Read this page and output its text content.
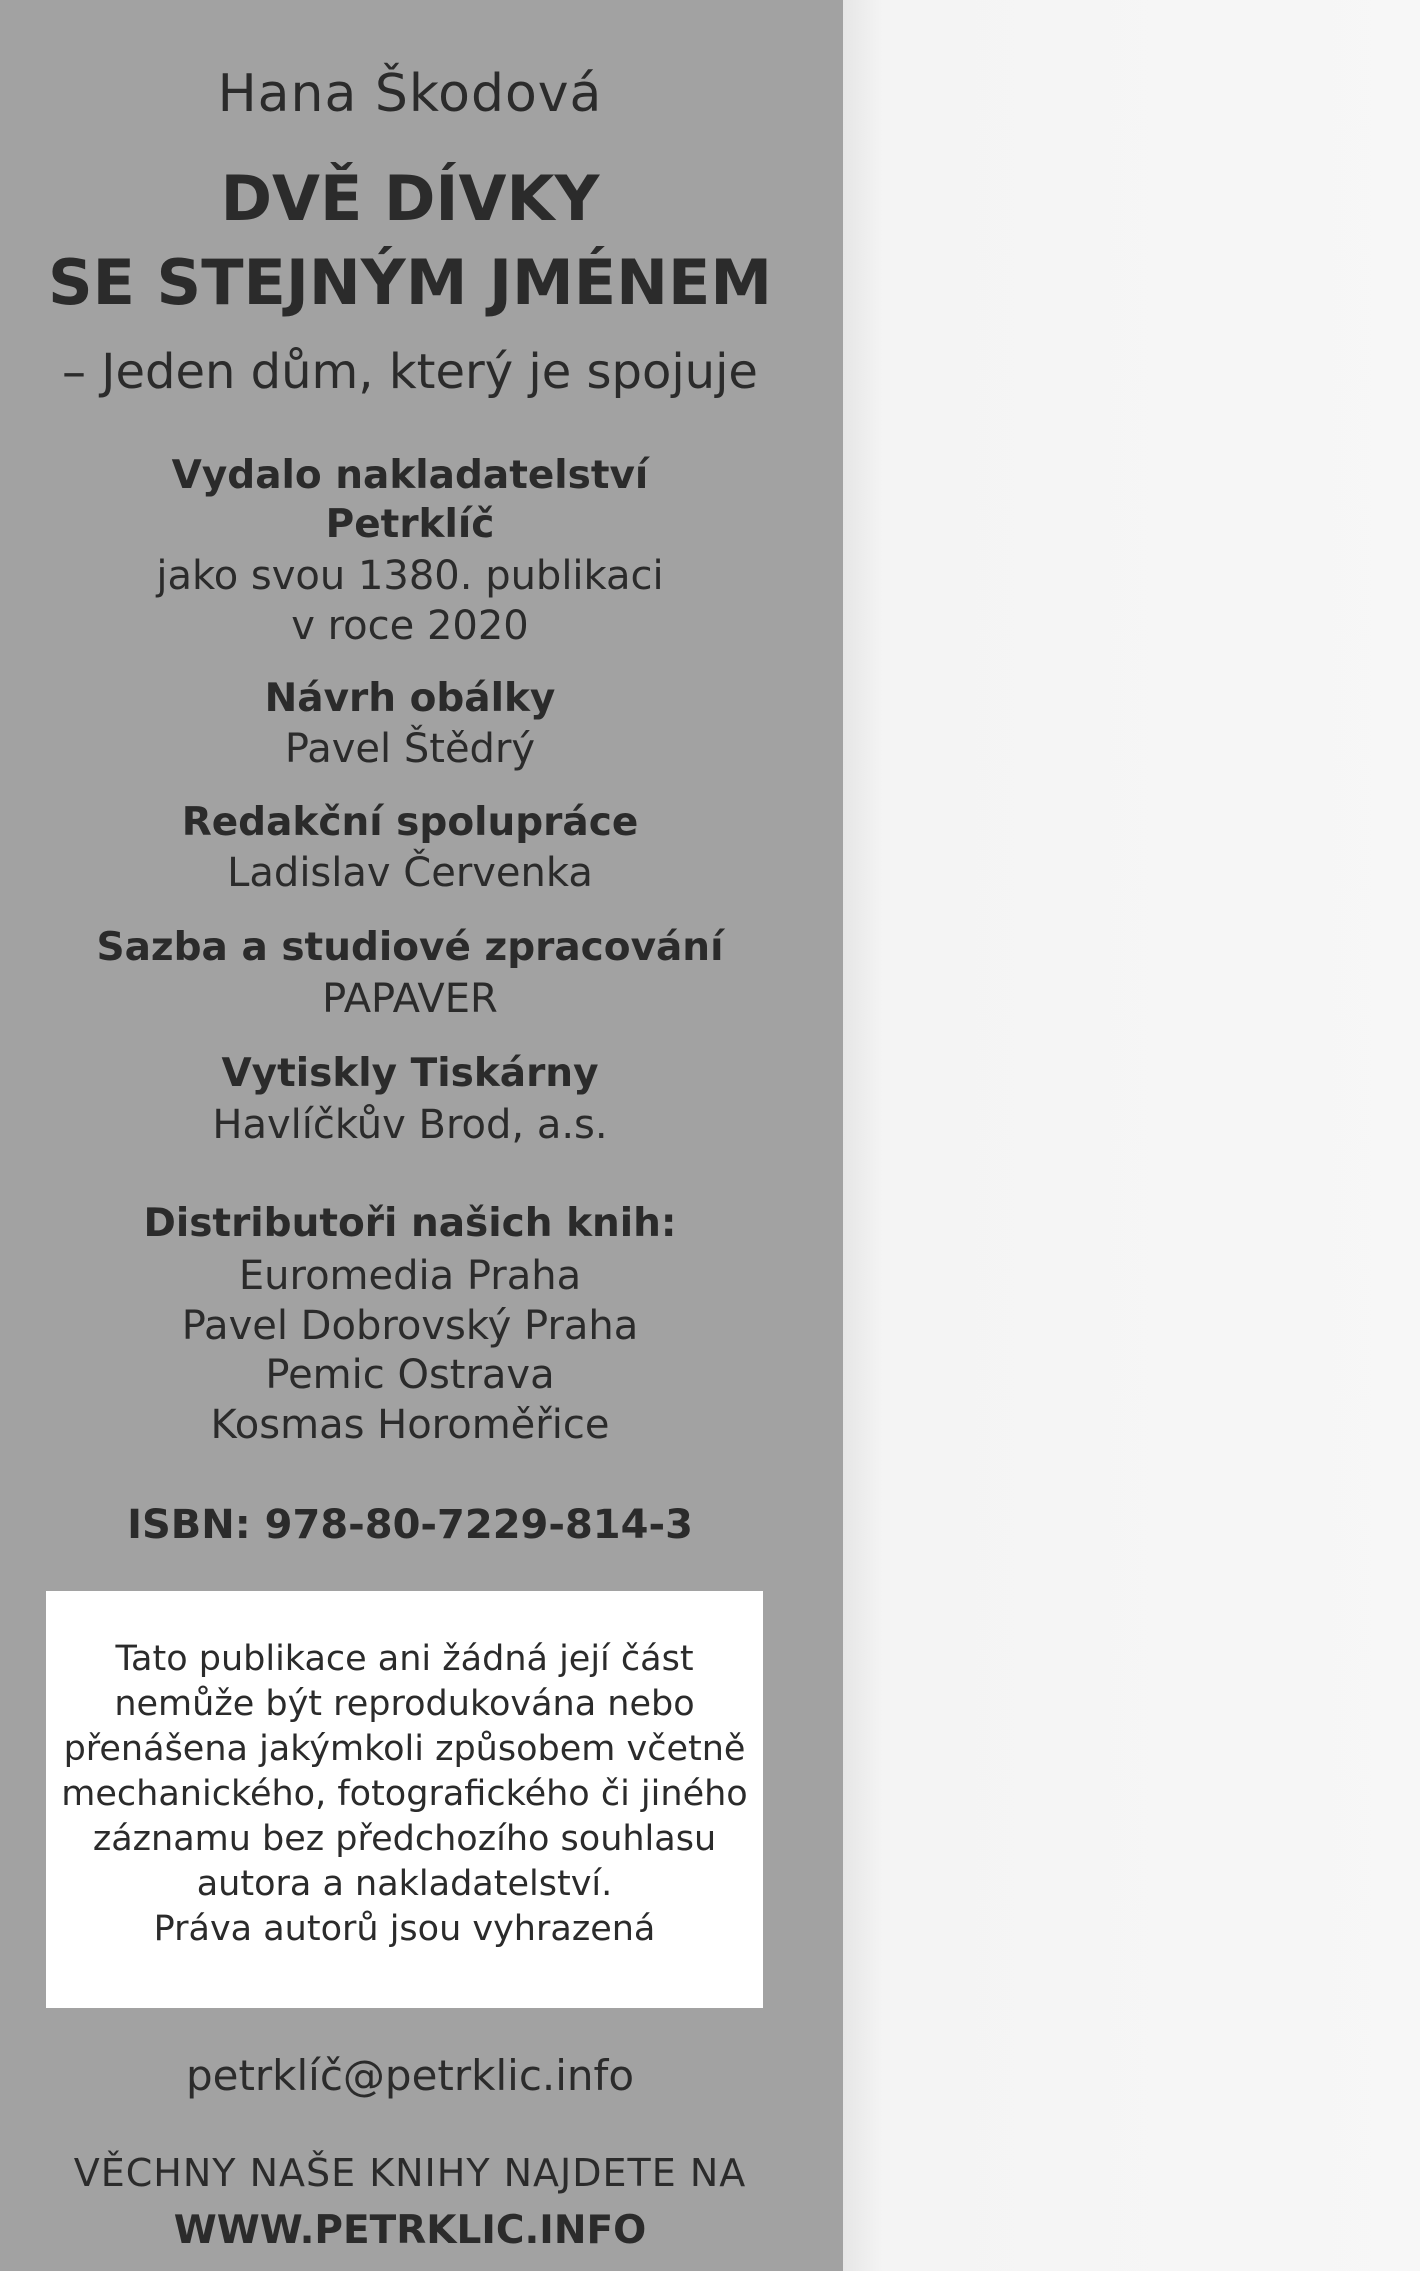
Hana Škodová
DVĚ DÍVKY
SE STEJNÝM JMÉNEM
– Jeden dům, který je spojuje
Vydalo nakladatelství
Petrklíč
jako svou 1380. publikaci
v roce 2020
Návrh obálky
Pavel Štědrý
Redakční spolupráce
Ladislav Červenka
Sazba a studiové zpracování
PAPAVER
Vytiskly Tiskárny
Havlíčkův Brod, a.s.
Distributoři našich knih:
Euromedia Praha
Pavel Dobrovský Praha
Pemic Ostrava
Kosmas Horoměřice
ISBN: 978-80-7229-814-3
Tato publikace ani žádná její část
nemůže být reprodukována nebo
přenášena jakýmkoli způsobem včetně
mechanického, fotografického či jiného
záznamu bez předchozího souhlasu
autora a nakladatelství.
Práva autorů jsou vyhrazená
petrklíč@petrklic.info
VĚCHNY NAŠE KNIHY NAJDETE NA
WWW.PETRKLIC.INFO
